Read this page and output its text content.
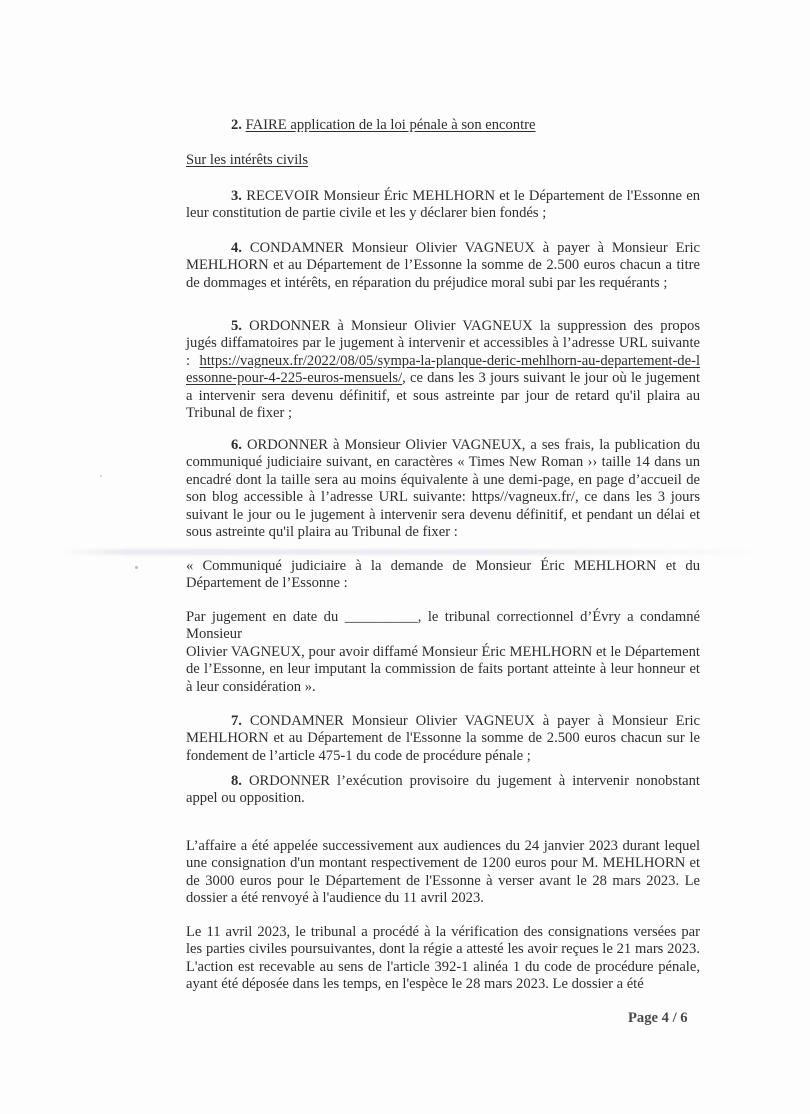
2. FAIRE application de la loi pénale à son encontre

Sur les intérêts civils

3. RECEVOIR Monsieur Éric MEHLHORN et le Département de l'Essonne en leur constitution de partie civile et les y déclarer bien fondés ;

4. CONDAMNER Monsieur Olivier VAGNEUX à payer à Monsieur Eric MEHLHORN et au Département de l’Essonne la somme de 2.500 euros chacun a titre de dommages et intérêts, en réparation du préjudice moral subi par les requérants ;

5. ORDONNER à Monsieur Olivier VAGNEUX la suppression des propos jugés diffamatoires par le jugement à intervenir et accessibles à l’adresse URL suivante : https://vagneux.fr/2022/08/05/sympa-la-planque-deric-mehlhorn-au-departement-de-lessonne-pour-4-225-euros-mensuels/, ce dans les 3 jours suivant le jour où le jugement a intervenir sera devenu définitif, et sous astreinte par jour de retard qu'il plaira au Tribunal de fixer ;

6. ORDONNER à Monsieur Olivier VAGNEUX, a ses frais, la publication du communiqué judiciaire suivant, en caractères « Times New Roman ›› taille 14 dans un encadré dont la taille sera au moins équivalente à une demi-page, en page d’accueil de son blog accessible à l’adresse URL suivante: https//vagneux.fr/, ce dans les 3 jours suivant le jour ou le jugement à intervenir sera devenu définitif, et pendant un délai et sous astreinte qu'il plaira au Tribunal de fixer :

« Communiqué judiciaire à la demande de Monsieur Éric MEHLHORN et du Département de l’Essonne :

Par jugement en date du __________, le tribunal correctionnel d’Évry a condamné Monsieur
Olivier VAGNEUX, pour avoir diffamé Monsieur Éric MEHLHORN et le Département de l’Essonne, en leur imputant la commission de faits portant atteinte à leur honneur et à leur considération ».

7. CONDAMNER Monsieur Olivier VAGNEUX à payer à Monsieur Eric MEHLHORN et au Département de l'Essonne la somme de 2.500 euros chacun sur le fondement de l’article 475-1 du code de procédure pénale ;

8. ORDONNER l’exécution provisoire du jugement à intervenir nonobstant appel ou opposition.

L’affaire a été appelée successivement aux audiences du 24 janvier 2023 durant lequel une consignation d'un montant respectivement de 1200 euros pour M. MEHLHORN et de 3000 euros pour le Département de l'Essonne à verser avant le 28 mars 2023. Le dossier a été renvoyé à l'audience du 11 avril 2023.

Le 11 avril 2023, le tribunal a procédé à la vérification des consignations versées par les parties civiles poursuivantes, dont la régie a attesté les avoir reçues le 21 mars 2023. L'action est recevable au sens de l'article 392-1 alinéa 1 du code de procédure pénale, ayant été déposée dans les temps, en l'espèce le 28 mars 2023. Le dossier a été

Page 4 / 6
